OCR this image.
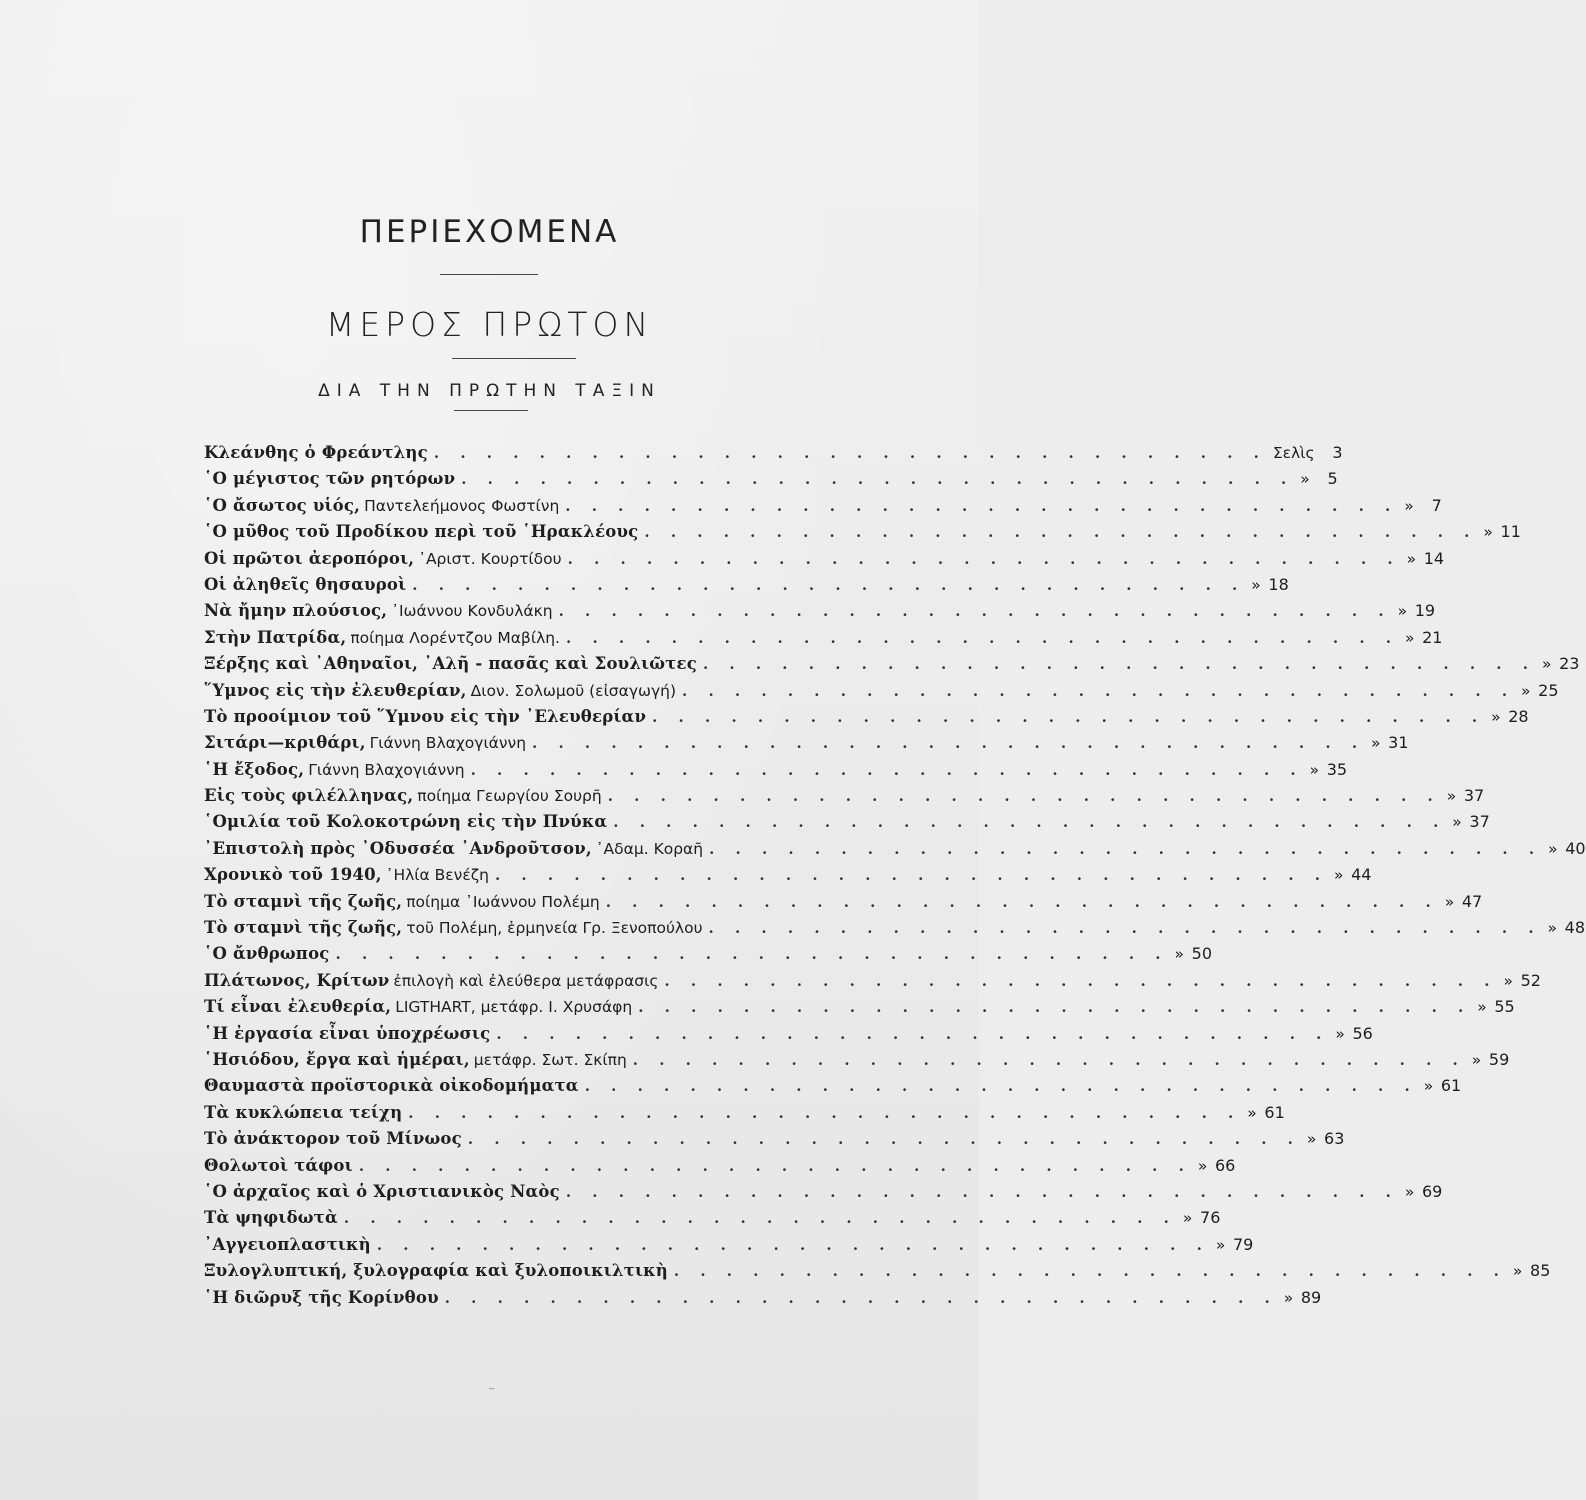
ΠΕΡΙΕΧΟΜΕΝΑ
ΜΕΡΟΣ ΠΡΩΤΟΝ
ΔΙΑ ΤΗΝ ΠΡΩΤΗΝ ΤΑΞΙΝ
Κλεάνθης ὁ Φρεάντλης . . . . . . . . . . . . . . . . . . . . . . . . . . . . . . . . Σελὶς	3
῾Ο μέγιστος τῶν ρητόρων . . . . . . . . . . . . . . . . . . . . . . . . . . . . . . . . »	5
῾Ο ἄσωτος υἱός, Παντελεήμονος Φωστίνη . . . . . . . . . . . . . . . . . . . . . . . . . . . . . . . . »	7
῾Ο μῦθος τοῦ Προδίκου περὶ τοῦ ῾Ηρακλέους . . . . . . . . . . . . . . . . . . . . . . . . . . . . . . . . » 11
Οἱ πρῶτοι ἀεροπόροι, ᾿Αριστ. Κουρτίδου . . . . . . . . . . . . . . . . . . . . . . . . . . . . . . . . » 14
Οἱ ἀληθεῖς θησαυροὶ . . . . . . . . . . . . . . . . . . . . . . . . . . . . . . . . » 18
Νὰ ἤμην πλούσιος, ᾿Ιωάννου Κονδυλάκη . . . . . . . . . . . . . . . . . . . . . . . . . . . . . . . . » 19
Στὴν Πατρίδα, ποίημα Λορέντζου Μαβίλη. . . . . . . . . . . . . . . . . . . . . . . . . . . . . . . . . » 21
Ξέρξης καὶ ᾿Αθηναῖοι, ᾿Αλῆ - πασᾶς καὶ Σουλιῶτες . . . . . . . . . . . . . . . . . . . . . . . . . . . . . . . . » 23
῞Υμνος εἰς τὴν ἐλευθερίαν, Διον. Σολωμοῦ (εἰσαγωγή) . . . . . . . . . . . . . . . . . . . . . . . . . . . . . . . . » 25
Τὸ προοίμιον τοῦ ῞Υμνου εἰς τὴν ᾿Ελευθερίαν . . . . . . . . . . . . . . . . . . . . . . . . . . . . . . . . » 28
Σιτάρι—κριθάρι, Γιάννη Βλαχογιάννη . . . . . . . . . . . . . . . . . . . . . . . . . . . . . . . . » 31
῾Η ἔξοδος, Γιάννη Βλαχογιάννη . . . . . . . . . . . . . . . . . . . . . . . . . . . . . . . . » 35
Εἰς τοὺς φιλέλληνας, ποίημα Γεωργίου Σουρῆ . . . . . . . . . . . . . . . . . . . . . . . . . . . . . . . . » 37
῾Ομιλία τοῦ Κολοκοτρώνη εἰς τὴν Πνύκα . . . . . . . . . . . . . . . . . . . . . . . . . . . . . . . . » 37
᾿Επιστολὴ πρὸς ᾿Οδυσσέα ᾿Ανδροῦτσον, ᾿Αδαμ. Κοραῆ . . . . . . . . . . . . . . . . . . . . . . . . . . . . . . . . » 40
Χρονικὸ τοῦ 1940, ᾿Ηλία Βενέζη . . . . . . . . . . . . . . . . . . . . . . . . . . . . . . . . » 44
Τὸ σταμνὶ τῆς ζωῆς, ποίημα ᾿Ιωάννου Πολέμη . . . . . . . . . . . . . . . . . . . . . . . . . . . . . . . . » 47
Τὸ σταμνὶ τῆς ζωῆς, τοῦ Πολέμη, ἑρμηνεία Γρ. Ξενοπούλου . . . . . . . . . . . . . . . . . . . . . . . . . . . . . . . . » 48
῾Ο ἄνθρωπος . . . . . . . . . . . . . . . . . . . . . . . . . . . . . . . . » 50
Πλάτωνος, Κρίτων ἐπιλογὴ καὶ ἐλεύθερα μετάφρασις . . . . . . . . . . . . . . . . . . . . . . . . . . . . . . . . » 52
Τί εἶναι ἐλευθερία, LIGTHART, μετάφρ. Ι. Χρυσάφη . . . . . . . . . . . . . . . . . . . . . . . . . . . . . . . . » 55
῾Η ἐργασία εἶναι ὑποχρέωσις . . . . . . . . . . . . . . . . . . . . . . . . . . . . . . . . » 56
῾Ησιόδου, ἔργα καὶ ἡμέραι, μετάφρ. Σωτ. Σκίπη . . . . . . . . . . . . . . . . . . . . . . . . . . . . . . . . » 59
Θαυμαστὰ προϊστορικὰ οἰκοδομήματα . . . . . . . . . . . . . . . . . . . . . . . . . . . . . . . . » 61
Τὰ κυκλώπεια τείχη . . . . . . . . . . . . . . . . . . . . . . . . . . . . . . . . » 61
Τὸ ἀνάκτορον τοῦ Μίνωος . . . . . . . . . . . . . . . . . . . . . . . . . . . . . . . . » 63
Θολωτοὶ τάφοι . . . . . . . . . . . . . . . . . . . . . . . . . . . . . . . . » 66
῾Ο ἀρχαῖος καὶ ὁ Χριστιανικὸς Ναὸς . . . . . . . . . . . . . . . . . . . . . . . . . . . . . . . . » 69
Τὰ ψηφιδωτὰ . . . . . . . . . . . . . . . . . . . . . . . . . . . . . . . . » 76
᾿Αγγειοπλαστικὴ . . . . . . . . . . . . . . . . . . . . . . . . . . . . . . . . » 79
Ξυλογλυπτική, ξυλογραφία καὶ ξυλοποικιλτικὴ . . . . . . . . . . . . . . . . . . . . . . . . . . . . . . . . » 85
῾Η διῶρυξ τῆς Κορίνθου . . . . . . . . . . . . . . . . . . . . . . . . . . . . . . . . » 89
⁻
